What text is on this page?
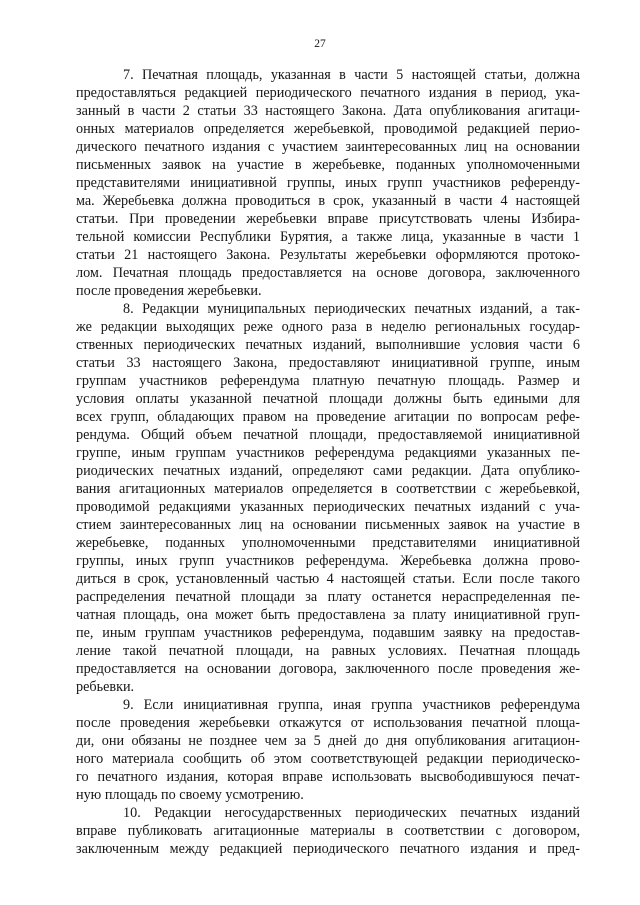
27
7. Печатная площадь, указанная в части 5 настоящей статьи, должна
предоставляться редакцией периодического печатного издания в период, ука-
занный в части 2 статьи 33 настоящего Закона. Дата опубликования агитаци-
онных материалов определяется жеребьевкой, проводимой редакцией перио-
дического печатного издания с участием заинтересованных лиц на основании
письменных заявок на участие в жеребьевке, поданных уполномоченными
представителями инициативной группы, иных групп участников референду-
ма. Жеребьевка должна проводиться в срок, указанный в части 4 настоящей
статьи. При проведении жеребьевки вправе присутствовать члены Избира-
тельной комиссии Республики Бурятия, а также лица, указанные в части 1
статьи 21 настоящего Закона. Результаты жеребьевки оформляются протоко-
лом. Печатная площадь предоставляется на основе договора, заключенного
после проведения жеребьевки.
8. Редакции муниципальных периодических печатных изданий, а так-
же редакции выходящих реже одного раза в неделю региональных государ-
ственных периодических печатных изданий, выполнившие условия части 6
статьи 33 настоящего Закона, предоставляют инициативной группе, иным
группам участников референдума платную печатную площадь. Размер и
условия оплаты указанной печатной площади должны быть едиными для
всех групп, обладающих правом на проведение агитации по вопросам рефе-
рендума. Общий объем печатной площади, предоставляемой инициативной
группе, иным группам участников референдума редакциями указанных пе-
риодических печатных изданий, определяют сами редакции. Дата опублико-
вания агитационных материалов определяется в соответствии с жеребьевкой,
проводимой редакциями указанных периодических печатных изданий с уча-
стием заинтересованных лиц на основании письменных заявок на участие в
жеребьевке, поданных уполномоченными представителями инициативной
группы, иных групп участников референдума. Жеребьевка должна прово-
диться в срок, установленный частью 4 настоящей статьи. Если после такого
распределения печатной площади за плату останется нераспределенная пе-
чатная площадь, она может быть предоставлена за плату инициативной груп-
пе, иным группам участников референдума, подавшим заявку на предостав-
ление такой печатной площади, на равных условиях. Печатная площадь
предоставляется на основании договора, заключенного после проведения же-
ребьевки.
9. Если инициативная группа, иная группа участников референдума
после проведения жеребьевки откажутся от использования печатной площа-
ди, они обязаны не позднее чем за 5 дней до дня опубликования агитацион-
ного материала сообщить об этом соответствующей редакции периодическо-
го печатного издания, которая вправе использовать высвободившуюся печат-
ную площадь по своему усмотрению.
10. Редакции негосударственных периодических печатных изданий
вправе публиковать агитационные материалы в соответствии с договором,
заключенным между редакцией периодического печатного издания и пред-
